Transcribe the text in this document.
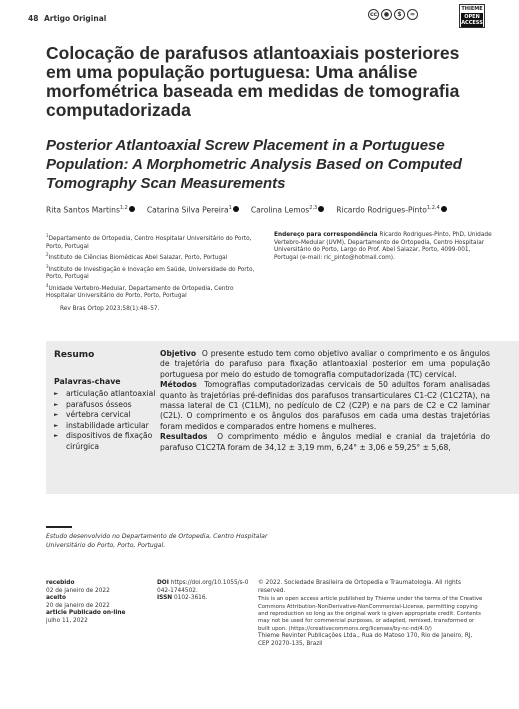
48 Artigo Original	cc	●	$	=
THIEME
OPEN ACCESS
Colocação de parafusos atlantoaxiais posteriores em uma população portuguesa: Uma análise morfométrica baseada em medidas de tomografia computadorizada
Posterior Atlantoaxial Screw Placement in a Portuguese Population: A Morphometric Analysis Based on Computed Tomography Scan Measurements
Rita Santos Martins$^{1,2}$	Catarina Silva Pereira$^1$	Carolina Lemos$^{2,3}$	Ricardo Rodrigues-Pinto$^{1,2,4}$
$^1$Departamento de Ortopedia, Centro Hospitalar Universitário do Porto, Porto, Portugal
$^2$Instituto de Ciências Biomédicas Abel Salazar, Porto, Portugal
$^3$Instituto de Investigação e Inovação em Saúde, Universidade do Porto, Porto, Portugal
$^4$Unidade Vertebro-Medular, Departamento de Ortopedia, Centro Hospitalar Universitário do Porto, Porto, Portugal
Endereço para correspondência Ricardo Rodrigues-Pinto, PhD, Unidade Vertebro-Medular (UVM), Departamento de Ortopedia, Centro Hospitalar Universitário do Porto, Largo do Prof. Abel Salazar, Porto, 4099-001, Portugal (e-mail: ric_pinto@hotmail.com).
Rev Bras Ortop 2023;58(1):48–57.
Resumo
Palavras-chave
► articulação atlantoaxial
► parafusos ósseos
► vértebra cervical
► instabilidade articular
► dispositivos de fixação cirúrgica

Objetivo O presente estudo tem como objetivo avaliar o comprimento e os ângulos de trajetória do parafuso para fixação atlantoaxial posterior em uma população portuguesa por meio do estudo de tomografia computadorizada (TC) cervical.

Métodos Tomografias computadorizadas cervicais de 50 adultos foram analisadas quanto às trajetórias pré-definidas dos parafusos transarticulares C1-C2 (C1C2TA), na massa lateral de C1 (C1LM), no pedículo de C2 (C2P) e na pars de C2 e C2 laminar (C2L). O comprimento e os ângulos dos parafusos em cada uma destas trajetórias foram medidos e comparados entre homens e mulheres.

Resultados O comprimento médio e ângulos medial e cranial da trajetória do parafuso C1C2TA foram de 34,12 ± 3,19 mm, 6,24° ± 3,06 e 59,25° ± 5,68,

Estudo desenvolvido no Departamento de Ortopedia, Centro Hospitalar Universitário do Porto, Porto, Portugal.
recebido
02 de janeiro de 2022
aceito
20 de janeiro de 2022
article Publicado on-line
julho 11, 2022
DOI https://doi.org/10.1055/s-0042-1744502.
ISSN 0102-3616.
© 2022. Sociedade Brasileira de Ortopedia e Traumatologia. All rights reserved.
This is an open access article published by Thieme under the terms of the Creative Commons Attribution-NonDerivative-NonCommercial-License, permitting copying and reproduction so long as the original work is given appropriate credit. Contents may not be used for commercial purposes, or adapted, remixed, transformed or built upon. (https://creativecommons.org/licenses/by-nc-nd/4.0/)
Thieme Revinter Publicações Ltda., Rua do Matoso 170, Rio de Janeiro, RJ, CEP 20270-135, Brazil
